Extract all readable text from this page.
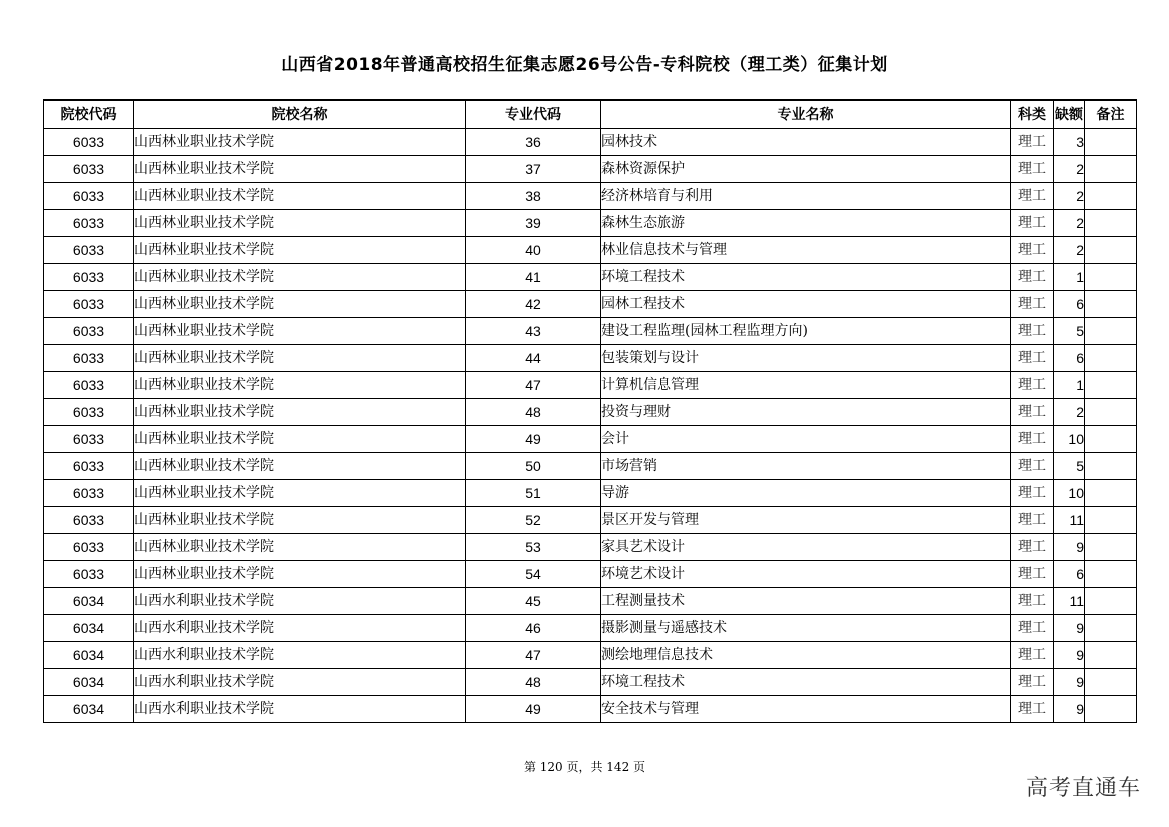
山西省2018年普通高校招生征集志愿26号公告-专科院校（理工类）征集计划
院校代码	院校名称	专业代码	专业名称	科类	缺额	备注
6033	山西林业职业技术学院	36	园林技术	理工	3	
6033	山西林业职业技术学院	37	森林资源保护	理工	2	
6033	山西林业职业技术学院	38	经济林培育与利用	理工	2	
6033	山西林业职业技术学院	39	森林生态旅游	理工	2	
6033	山西林业职业技术学院	40	林业信息技术与管理	理工	2	
6033	山西林业职业技术学院	41	环境工程技术	理工	1	
6033	山西林业职业技术学院	42	园林工程技术	理工	6	
6033	山西林业职业技术学院	43	建设工程监理(园林工程监理方向)	理工	5	
6033	山西林业职业技术学院	44	包装策划与设计	理工	6	
6033	山西林业职业技术学院	47	计算机信息管理	理工	1	
6033	山西林业职业技术学院	48	投资与理财	理工	2	
6033	山西林业职业技术学院	49	会计	理工	10	
6033	山西林业职业技术学院	50	市场营销	理工	5	
6033	山西林业职业技术学院	51	导游	理工	10	
6033	山西林业职业技术学院	52	景区开发与管理	理工	11	
6033	山西林业职业技术学院	53	家具艺术设计	理工	9	
6033	山西林业职业技术学院	54	环境艺术设计	理工	6	
6034	山西水利职业技术学院	45	工程测量技术	理工	11	
6034	山西水利职业技术学院	46	摄影测量与遥感技术	理工	9	
6034	山西水利职业技术学院	47	测绘地理信息技术	理工	9	
6034	山西水利职业技术学院	48	环境工程技术	理工	9	
6034	山西水利职业技术学院	49	安全技术与管理	理工	9	
第 120 页，共 142 页
高考直通车
